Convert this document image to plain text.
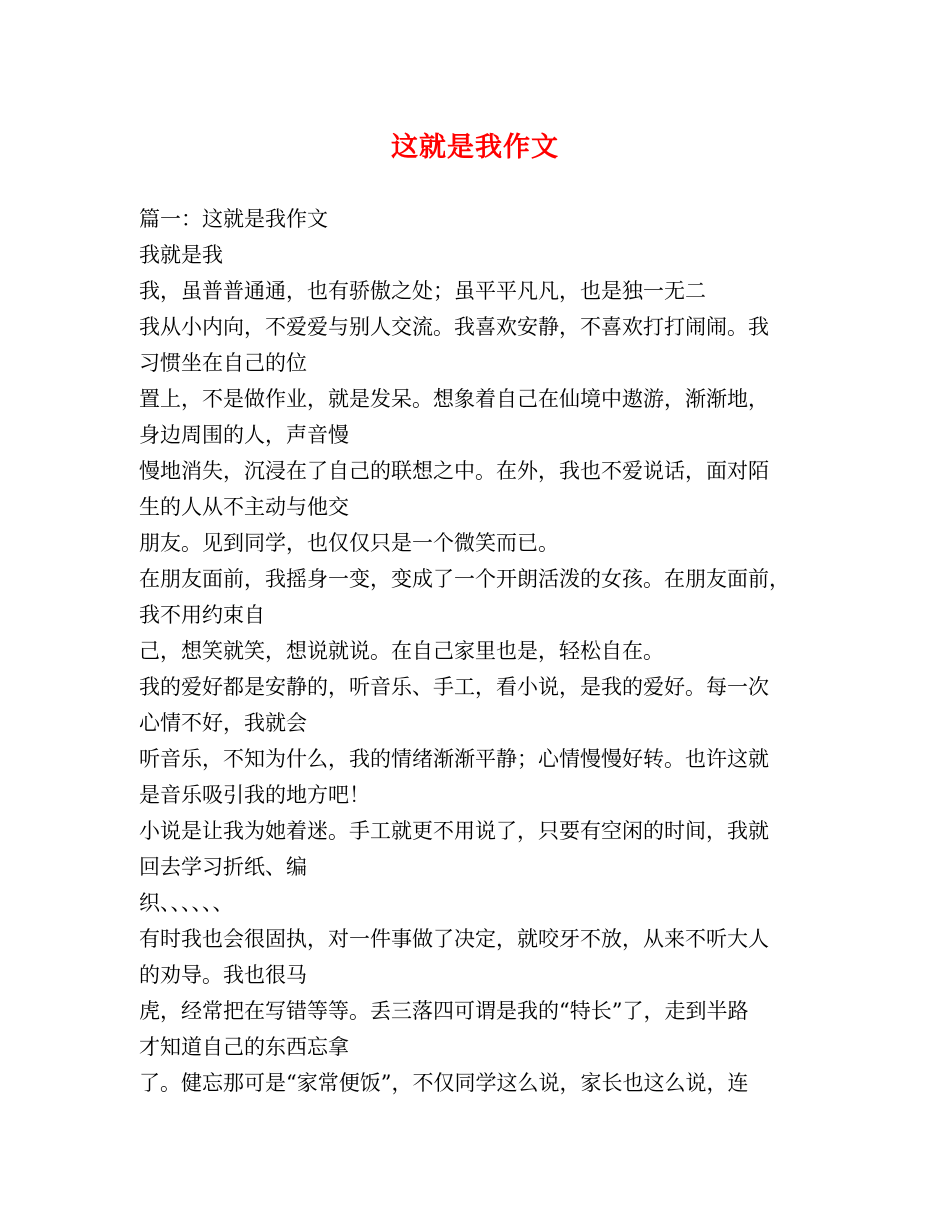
这就是我作文
篇一：这就是我作文
我就是我
我，虽普普通通，也有骄傲之处；虽平平凡凡，也是独一无二
我从小内向，不爱爱与别人交流。我喜欢安静，不喜欢打打闹闹。我
习惯坐在自己的位
置上，不是做作业，就是发呆。想象着自己在仙境中遨游，渐渐地，
身边周围的人，声音慢
慢地消失，沉浸在了自己的联想之中。在外，我也不爱说话，面对陌
生的人从不主动与他交
朋友。见到同学，也仅仅只是一个微笑而已。
在朋友面前，我摇身一变，变成了一个开朗活泼的女孩。在朋友面前，
我不用约束自
己，想笑就笑，想说就说。在自己家里也是，轻松自在。
我的爱好都是安静的，听音乐、手工，看小说，是我的爱好。每一次
心情不好，我就会
听音乐，不知为什么，我的情绪渐渐平静；心情慢慢好转。也许这就
是音乐吸引我的地方吧！
小说是让我为她着迷。手工就更不用说了，只要有空闲的时间，我就
回去学习折纸、编
织、、、、、、
有时我也会很固执，对一件事做了决定，就咬牙不放，从来不听大人
的劝导。我也很马
虎，经常把在写错等等。丢三落四可谓是我的“特长”了，走到半路
才知道自己的东西忘拿
了。健忘那可是“家常便饭”，不仅同学这么说，家长也这么说，连
